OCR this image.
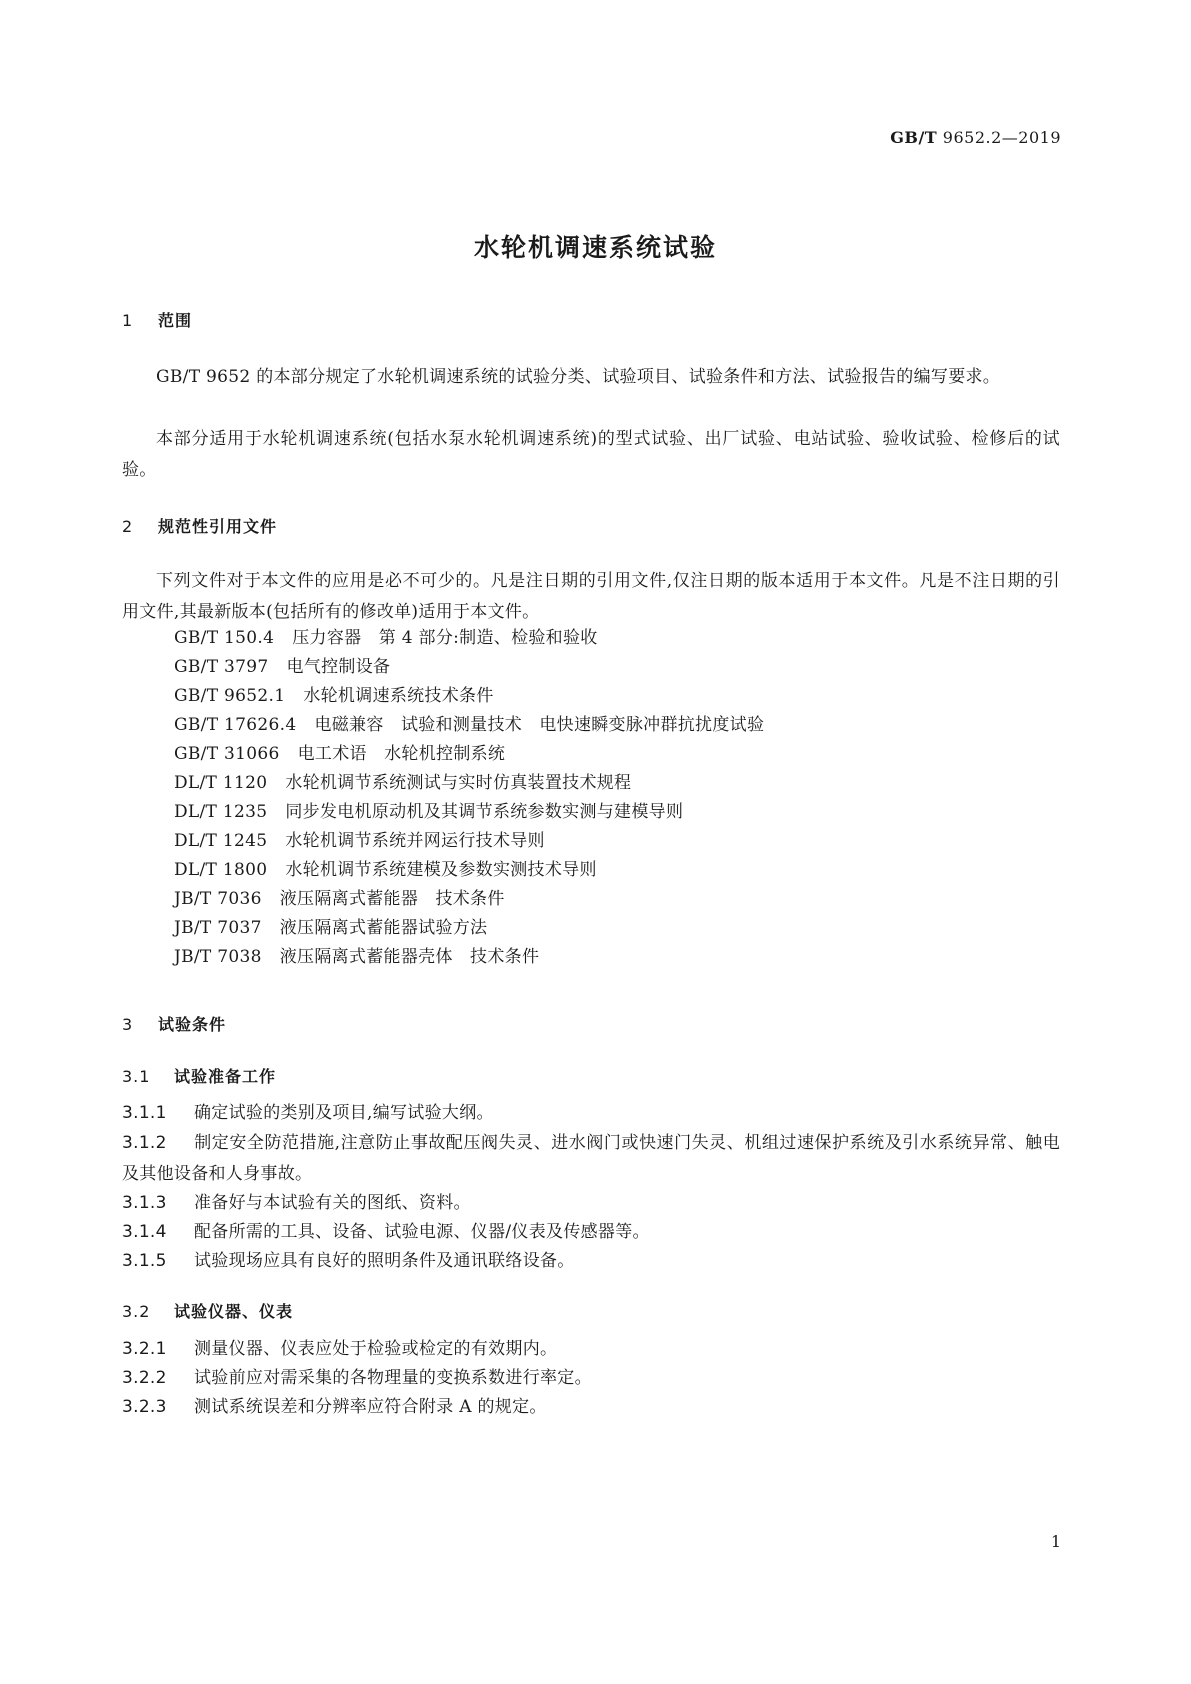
GB/T 9652.2—2019
水轮机调速系统试验
1 范围
GB/T 9652 的本部分规定了水轮机调速系统的试验分类、试验项目、试验条件和方法、试验报告的编写要求。
本部分适用于水轮机调速系统(包括水泵水轮机调速系统)的型式试验、出厂试验、电站试验、验收试验、检修后的试验。
2 规范性引用文件
下列文件对于本文件的应用是必不可少的。凡是注日期的引用文件,仅注日期的版本适用于本文件。凡是不注日期的引用文件,其最新版本(包括所有的修改单)适用于本文件。
GB/T 150.4 压力容器　第 4 部分:制造、检验和验收
GB/T 3797 电气控制设备
GB/T 9652.1 水轮机调速系统技术条件
GB/T 17626.4 电磁兼容　试验和测量技术　电快速瞬变脉冲群抗扰度试验
GB/T 31066 电工术语　水轮机控制系统
DL/T 1120 水轮机调节系统测试与实时仿真装置技术规程
DL/T 1235 同步发电机原动机及其调节系统参数实测与建模导则
DL/T 1245 水轮机调节系统并网运行技术导则
DL/T 1800 水轮机调节系统建模及参数实测技术导则
JB/T 7036 液压隔离式蓄能器　技术条件
JB/T 7037 液压隔离式蓄能器试验方法
JB/T 7038 液压隔离式蓄能器壳体　技术条件
3 试验条件
3.1 试验准备工作
3.1.1 确定试验的类别及项目,编写试验大纲。
3.1.2 制定安全防范措施,注意防止事故配压阀失灵、进水阀门或快速门失灵、机组过速保护系统及引水系统异常、触电及其他设备和人身事故。
3.1.3 准备好与本试验有关的图纸、资料。
3.1.4 配备所需的工具、设备、试验电源、仪器/仪表及传感器等。
3.1.5 试验现场应具有良好的照明条件及通讯联络设备。
3.2 试验仪器、仪表
3.2.1 测量仪器、仪表应处于检验或检定的有效期内。
3.2.2 试验前应对需采集的各物理量的变换系数进行率定。
3.2.3 测试系统误差和分辨率应符合附录 A 的规定。
1
